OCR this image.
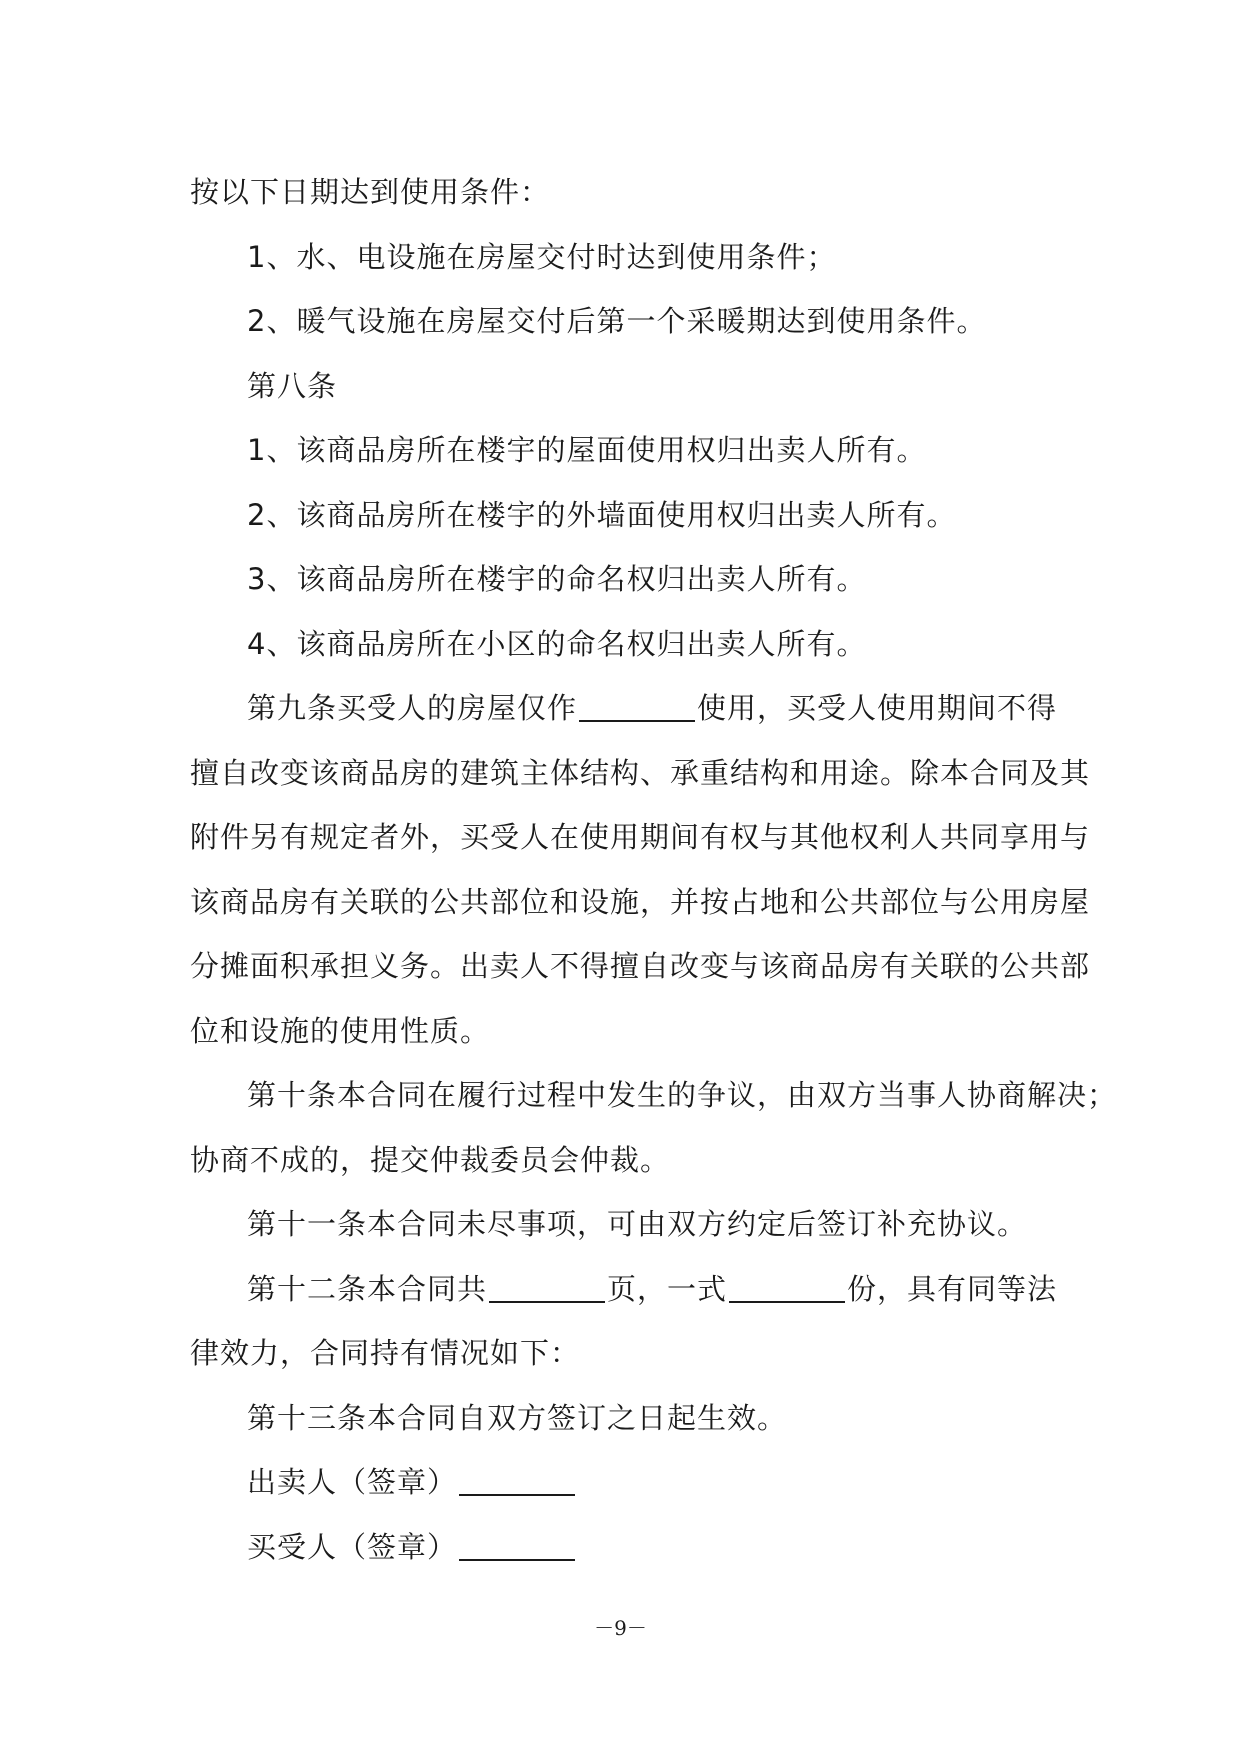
按以下日期达到使用条件：
1、水、电设施在房屋交付时达到使用条件；
2、暖气设施在房屋交付后第一个采暖期达到使用条件。
第八条
1、该商品房所在楼宇的屋面使用权归出卖人所有。
2、该商品房所在楼宇的外墙面使用权归出卖人所有。
3、该商品房所在楼宇的命名权归出卖人所有。
4、该商品房所在小区的命名权归出卖人所有。
第九条买受人的房屋仅作	使用，买受人使用期间不得
擅自改变该商品房的建筑主体结构、承重结构和用途。除本合同及其
附件另有规定者外，买受人在使用期间有权与其他权利人共同享用与
该商品房有关联的公共部位和设施，并按占地和公共部位与公用房屋
分摊面积承担义务。出卖人不得擅自改变与该商品房有关联的公共部
位和设施的使用性质。
第十条本合同在履行过程中发生的争议，由双方当事人协商解决；
协商不成的，提交仲裁委员会仲裁。
第十一条本合同未尽事项，可由双方约定后签订补充协议。
第十二条本合同共	页，一式	份，具有同等法
律效力，合同持有情况如下：
第十三条本合同自双方签订之日起生效。
出卖人（签章）
买受人（签章）
－9－
